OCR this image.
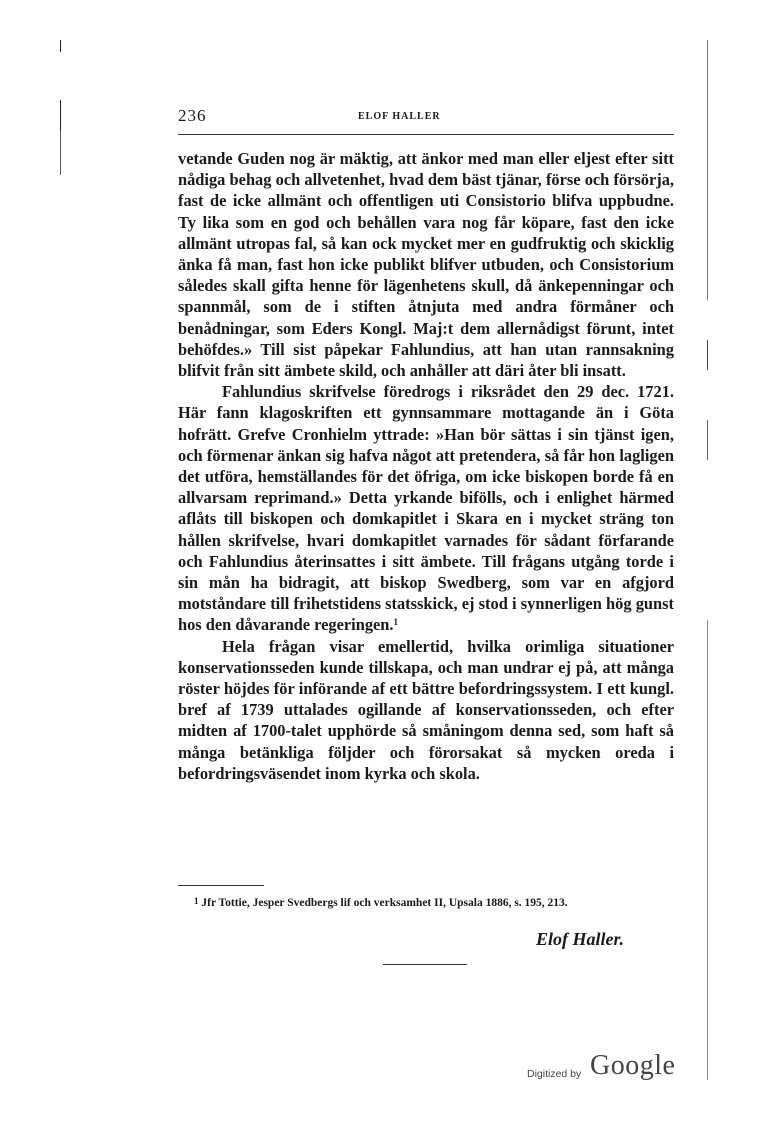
236	ELOF HALLER

vetande Guden nog är mäktig, att änkor med man eller eljest efter sitt nådiga behag och allvetenhet, hvad dem bäst tjänar, förse och försörja, fast de icke allmänt och offentligen uti Consistorio blifva uppbudne. Ty lika som en god och behållen vara nog får köpare, fast den icke allmänt utropas fal, så kan ock mycket mer en gudfruktig och skicklig änka få man, fast hon icke publikt blifver utbuden, och Consistorium således skall gifta henne för lägenhetens skull, då änkepenningar och spannmål, som de i stiften åtnjuta med andra förmåner och benådningar, som Eders Kongl. Maj:t dem allernådigst förunt, intet behöfdes.» Till sist påpekar Fahlundius, att han utan rannsakning blifvit från sitt ämbete skild, och anhåller att däri åter bli insatt.

Fahlundius skrifvelse föredrogs i riksrådet den 29 dec. 1721. Här fann klagoskriften ett gynnsammare mottagande än i Göta hofrätt. Grefve Cronhielm yttrade: »Han bör sättas i sin tjänst igen, och förmenar änkan sig hafva något att pretendera, så får hon lagligen det utföra, hemställandes för det öfriga, om icke biskopen borde få en allvarsam reprimand.» Detta yrkande bifölls, och i enlighet härmed aflåts till biskopen och domkapitlet i Skara en i mycket sträng ton hållen skrifvelse, hvari domkapitlet varnades för sådant förfarande och Fahlundius återinsattes i sitt ämbete. Till frågans utgång torde i sin mån ha bidragit, att biskop Swedberg, som var en afgjord motståndare till frihetstidens statsskick, ej stod i synnerligen hög gunst hos den dåvarande regeringen.$^1$

Hela frågan visar emellertid, hvilka orimliga situationer konservationsseden kunde tillskapa, och man undrar ej på, att många röster höjdes för införande af ett bättre befordringssystem. I ett kungl. bref af 1739 uttalades ogillande af konservationsseden, och efter midten af 1700-talet upphörde så småningom denna sed, som haft så många betänkliga följder och förorsakat så mycken oreda i befordringsväsendet inom kyrka och skola.

$^1$ Jfr Tottie, Jesper Svedbergs lif och verksamhet II, Upsala 1886, s. 195, 213.
Elof Haller.
Digitized by Google
